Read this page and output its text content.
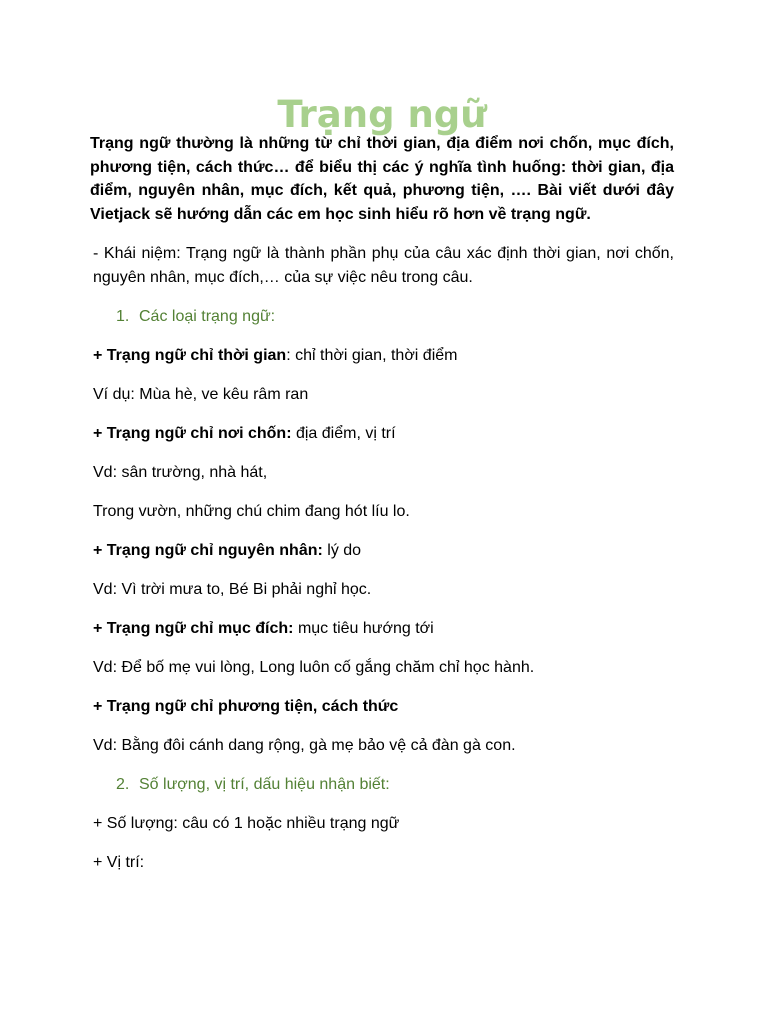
Trạng ngữ

Trạng ngữ thường là những từ chỉ thời gian, địa điểm nơi chốn, mục đích, phương tiện, cách thức… để biểu thị các ý nghĩa tình huống: thời gian, địa điểm, nguyên nhân, mục đích, kết quả, phương tiện, …. Bài viết dưới đây Vietjack sẽ hướng dẫn các em học sinh hiểu rõ hơn về trạng ngữ.

- Khái niệm: Trạng ngữ là thành phần phụ của câu xác định thời gian, nơi chốn, nguyên nhân, mục đích,… của sự việc nêu trong câu.

1. Các loại trạng ngữ:

+ Trạng ngữ chỉ thời gian: chỉ thời gian, thời điểm

Ví dụ: Mùa hè, ve kêu râm ran

+ Trạng ngữ chỉ nơi chốn: địa điểm, vị trí

Vd: sân trường, nhà hát,

Trong vườn, những chú chim đang hót líu lo.

+ Trạng ngữ chỉ nguyên nhân: lý do

Vd: Vì trời mưa to, Bé Bi phải nghỉ học.

+ Trạng ngữ chỉ mục đích: mục tiêu hướng tới

Vd: Để bố mẹ vui lòng, Long luôn cố gắng chăm chỉ học hành.

+ Trạng ngữ chỉ phương tiện, cách thức

Vd: Bằng đôi cánh dang rộng, gà mẹ bảo vệ cả đàn gà con.

2. Số lượng, vị trí, dấu hiệu nhận biết:

+ Số lượng: câu có 1 hoặc nhiều trạng ngữ

+ Vị trí:
